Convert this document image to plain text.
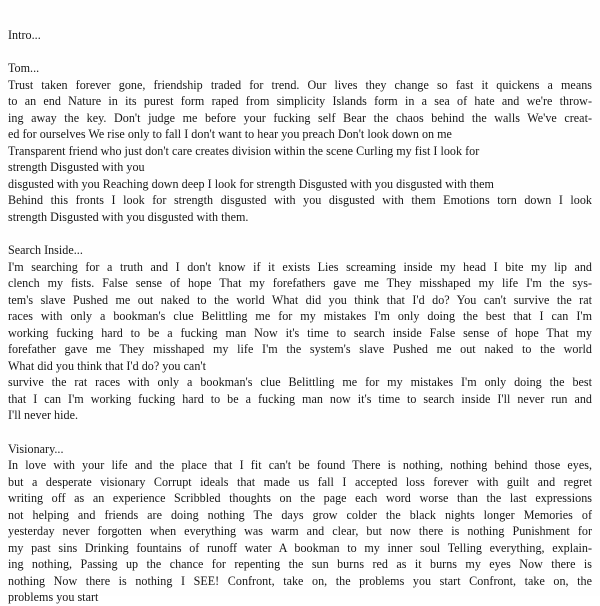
Intro...
Tom...
Trust taken forever gone, friendship traded for trend. Our lives they change so fast it quickens a means
to an end Nature in its purest form raped from simplicity Islands form in a sea of hate and we're throw-
ing away the key. Don't judge me before your fucking self Bear the chaos behind the walls We've creat-
ed for ourselves We rise only to fall I don't want to hear you preach Don't look down on me
Transparent friend who just don't care creates division within the scene Curling my fist I look for
strength Disgusted with you
disgusted with you Reaching down deep I look for strength Disgusted with you disgusted with them
Behind this fronts I look for strength disgusted with you disgusted with them Emotions torn down I look
strength Disgusted with you disgusted with them.
Search Inside...
I'm searching for a truth and I don't know if it exists Lies screaming inside my head I bite my lip and
clench my fists. False sense of hope That my forefathers gave me They misshaped my life I'm the sys-
tem's slave Pushed me out naked to the world What did you think that I'd do? You can't survive the rat
races with only a bookman's clue Belittling me for my mistakes I'm only doing the best that I can I'm
working fucking hard to be a fucking man Now it's time to search inside False sense of hope That my
forefather gave me They misshaped my life I'm the system's slave Pushed me out naked to the world
What did you think that I'd do? you can't
survive the rat races with only a bookman's clue Belittling me for my mistakes I'm only doing the best
that I can I'm working fucking hard to be a fucking man now it's time to search inside I'll never run and
I'll never hide.
Visionary...
In love with your life and the place that I fit can't be found There is nothing, nothing behind those eyes,
but a desperate visionary Corrupt ideals that made us fall I accepted loss forever with guilt and regret
writing off as an experience Scribbled thoughts on the page each word worse than the last expressions
not helping and friends are doing nothing The days grow colder the black nights longer Memories of
yesterday never forgotten when everything was warm and clear, but now there is nothing Punishment for
my past sins Drinking fountains of runoff water A bookman to my inner soul Telling everything, explain-
ing nothing, Passing up the chance for repenting the sun burns red as it burns my eyes Now there is
nothing Now there is nothing I SEE! Confront, take on, the problems you start Confront, take on, the
problems you start
